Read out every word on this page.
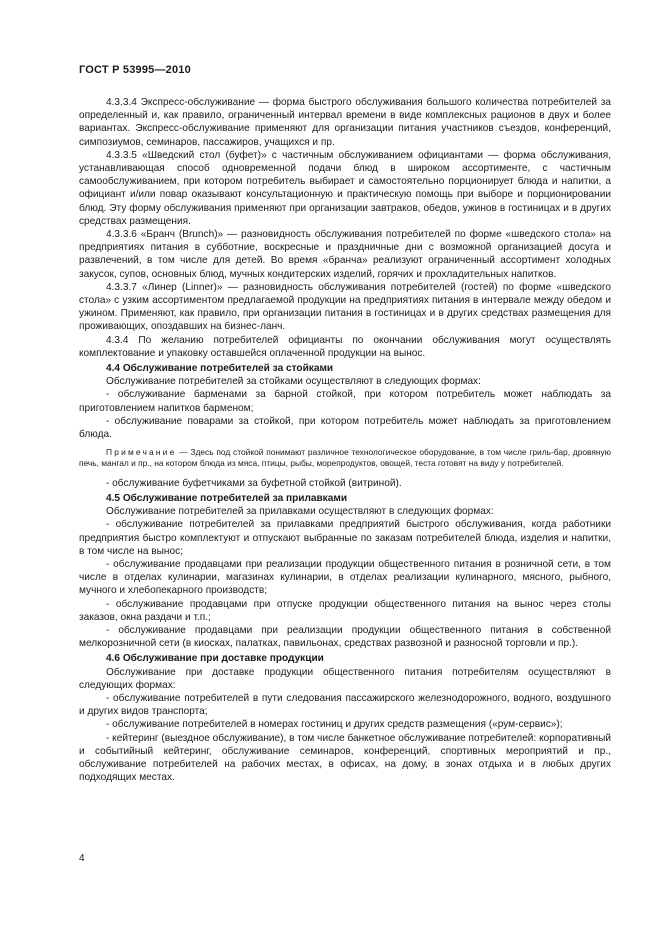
ГОСТ Р 53995—2010

4.3.3.4 Экспресс-обслуживание — форма быстрого обслуживания большого количества потребителей за определенный и, как правило, ограниченный интервал времени в виде комплексных рационов в двух и более вариантах. Экспресс-обслуживание применяют для организации питания участников съездов, конференций, симпозиумов, семинаров, пассажиров, учащихся и пр.

4.3.3.5 «Шведский стол (буфет)» с частичным обслуживанием официантами — форма обслуживания, устанавливающая способ одновременной подачи блюд в широком ассортименте, с частичным самообслуживанием, при котором потребитель выбирает и самостоятельно порционирует блюда и напитки, а официант и/или повар оказывают консультационную и практическую помощь при выборе и порционировании блюд. Эту форму обслуживания применяют при организации завтраков, обедов, ужинов в гостиницах и в других средствах размещения.

4.3.3.6 «Бранч (Brunch)» — разновидность обслуживания потребителей по форме «шведского стола» на предприятиях питания в субботние, воскресные и праздничные дни с возможной организацией досуга и развлечений, в том числе для детей. Во время «бранча» реализуют ограниченный ассортимент холодных закусок, супов, основных блюд, мучных кондитерских изделий, горячих и прохладительных напитков.

4.3.3.7 «Линер (Linner)» — разновидность обслуживания потребителей (гостей) по форме «шведского стола» с узким ассортиментом предлагаемой продукции на предприятиях питания в интервале между обедом и ужином. Применяют, как правило, при организации питания в гостиницах и в других средствах размещения для проживающих, опоздавших на бизнес-ланч.

4.3.4 По желанию потребителей официанты по окончании обслуживания могут осуществлять комплектование и упаковку оставшейся оплаченной продукции на вынос.

4.4 Обслуживание потребителей за стойками

Обслуживание потребителей за стойками осуществляют в следующих формах:

- обслуживание барменами за барной стойкой, при котором потребитель может наблюдать за приготовлением напитков барменом;

- обслуживание поварами за стойкой, при котором потребитель может наблюдать за приготовлением блюда.

Примечание — Здесь под стойкой понимают различное технологическое оборудование, в том числе гриль-бар, дровяную печь, мангал и пр., на котором блюда из мяса, птицы, рыбы, морепродуктов, овощей, теста готовят на виду у потребителей.

- обслуживание буфетчиками за буфетной стойкой (витриной).

4.5 Обслуживание потребителей за прилавками

Обслуживание потребителей за прилавками осуществляют в следующих формах:

- обслуживание потребителей за прилавками предприятий быстрого обслуживания, когда работники предприятия быстро комплектуют и отпускают выбранные по заказам потребителей блюда, изделия и напитки, в том числе на вынос;

- обслуживание продавцами при реализации продукции общественного питания в розничной сети, в том числе в отделах кулинарии, магазинах кулинарии, в отделах реализации кулинарного, мясного, рыбного, мучного и хлебопекарного производств;

- обслуживание продавцами при отпуске продукции общественного питания на вынос через столы заказов, окна раздачи и т.п.;

- обслуживание продавцами при реализации продукции общественного питания в собственной мелкорозничной сети (в киосках, палатках, павильонах, средствах развозной и разносной торговли и пр.).

4.6 Обслуживание при доставке продукции

Обслуживание при доставке продукции общественного питания потребителям осуществляют в следующих формах:

- обслуживание потребителей в пути следования пассажирского железнодорожного, водного, воздушного и других видов транспорта;

- обслуживание потребителей в номерах гостиниц и других средств размещения («рум-сервис»);

- кейтеринг (выездное обслуживание), в том числе банкетное обслуживание потребителей: корпоративный и событийный кейтеринг, обслуживание семинаров, конференций, спортивных мероприятий и пр., обслуживание потребителей на рабочих местах, в офисах, на дому, в зонах отдыха и в любых других подходящих местах.

4
